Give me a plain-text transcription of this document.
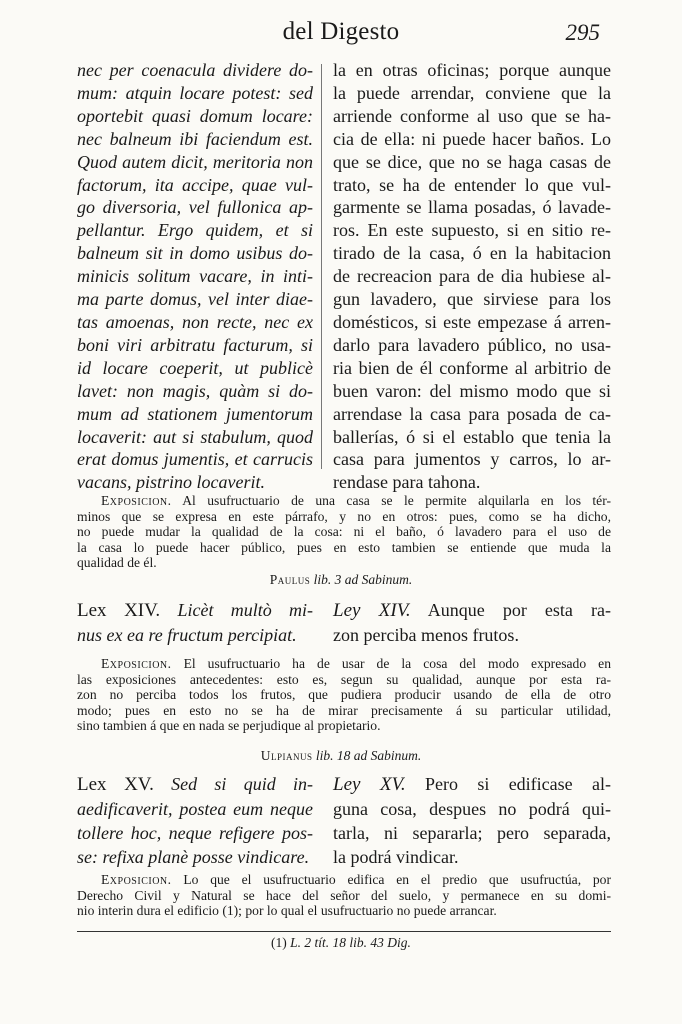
del Digesto	295
nec per coenacula dividere do-
mum: atquin locare potest: sed
oportebit quasi domum locare:
nec balneum ibi faciendum est.
Quod autem dicit, meritoria non
factorum, ita accipe, quae vul-
go diversoria, vel fullonica ap-
pellantur. Ergo quidem, et si
balneum sit in domo usibus do-
minicis solitum vacare, in inti-
ma parte domus, vel inter diae-
tas amoenas, non recte, nec ex
boni viri arbitratu facturum, si
id locare coeperit, ut publicè
lavet: non magis, quàm si do-
mum ad stationem jumentorum
locaverit: aut si stabulum, quod
erat domus jumentis, et carrucis
vacans, pistrino locaverit.
la en otras oficinas; porque aunque
la puede arrendar, conviene que la
arriende conforme al uso que se ha-
cia de ella: ni puede hacer baños. Lo
que se dice, que no se haga casas de
trato, se ha de entender lo que vul-
garmente se llama posadas, ó lavade-
ros. En este supuesto, si en sitio re-
tirado de la casa, ó en la habitacion
de recreacion para de dia hubiese al-
gun lavadero, que sirviese para los
domésticos, si este empezase á arren-
darlo para lavadero público, no usa-
ria bien de él conforme al arbitrio de
buen varon: del mismo modo que si
arrendase la casa para posada de ca-
ballerías, ó si el establo que tenia la
casa para jumentos y carros, lo ar-
rendase para tahona.
Exposicion. Al usufructuario de una casa se le permite alquilarla en los tér-
minos que se expresa en este párrafo, y no en otros: pues, como se ha dicho,
no puede mudar la qualidad de la cosa: ni el baño, ó lavadero para el uso de
la casa lo puede hacer público, pues en esto tambien se entiende que muda la
qualidad de él.
Paulus lib. 3 ad Sabinum.
Lex XIV. Licèt multò mi-
nus ex ea re fructum percipiat.
Ley XIV. Aunque por esta ra-
zon perciba menos frutos.
Exposicion. El usufructuario ha de usar de la cosa del modo expresado en
las exposiciones antecedentes: esto es, segun su qualidad, aunque por esta ra-
zon no perciba todos los frutos, que pudiera producir usando de ella de otro
modo; pues en esto no se ha de mirar precisamente á su particular utilidad,
sino tambien á que en nada se perjudique al propietario.
Ulpianus lib. 18 ad Sabinum.
Lex XV. Sed si quid in-
aedificaverit, postea eum neque
tollere hoc, neque refigere pos-
se: refixa planè posse vindicare.
Ley XV. Pero si edificase al-
guna cosa, despues no podrá qui-
tarla, ni separarla; pero separada,
la podrá vindicar.
Exposicion. Lo que el usufructuario edifica en el predio que usufructúa, por
Derecho Civil y Natural se hace del señor del suelo, y permanece en su domi-
nio interin dura el edificio (1); por lo qual el usufructuario no puede arrancar.
(1) L. 2 tít. 18 lib. 43 Dig.
